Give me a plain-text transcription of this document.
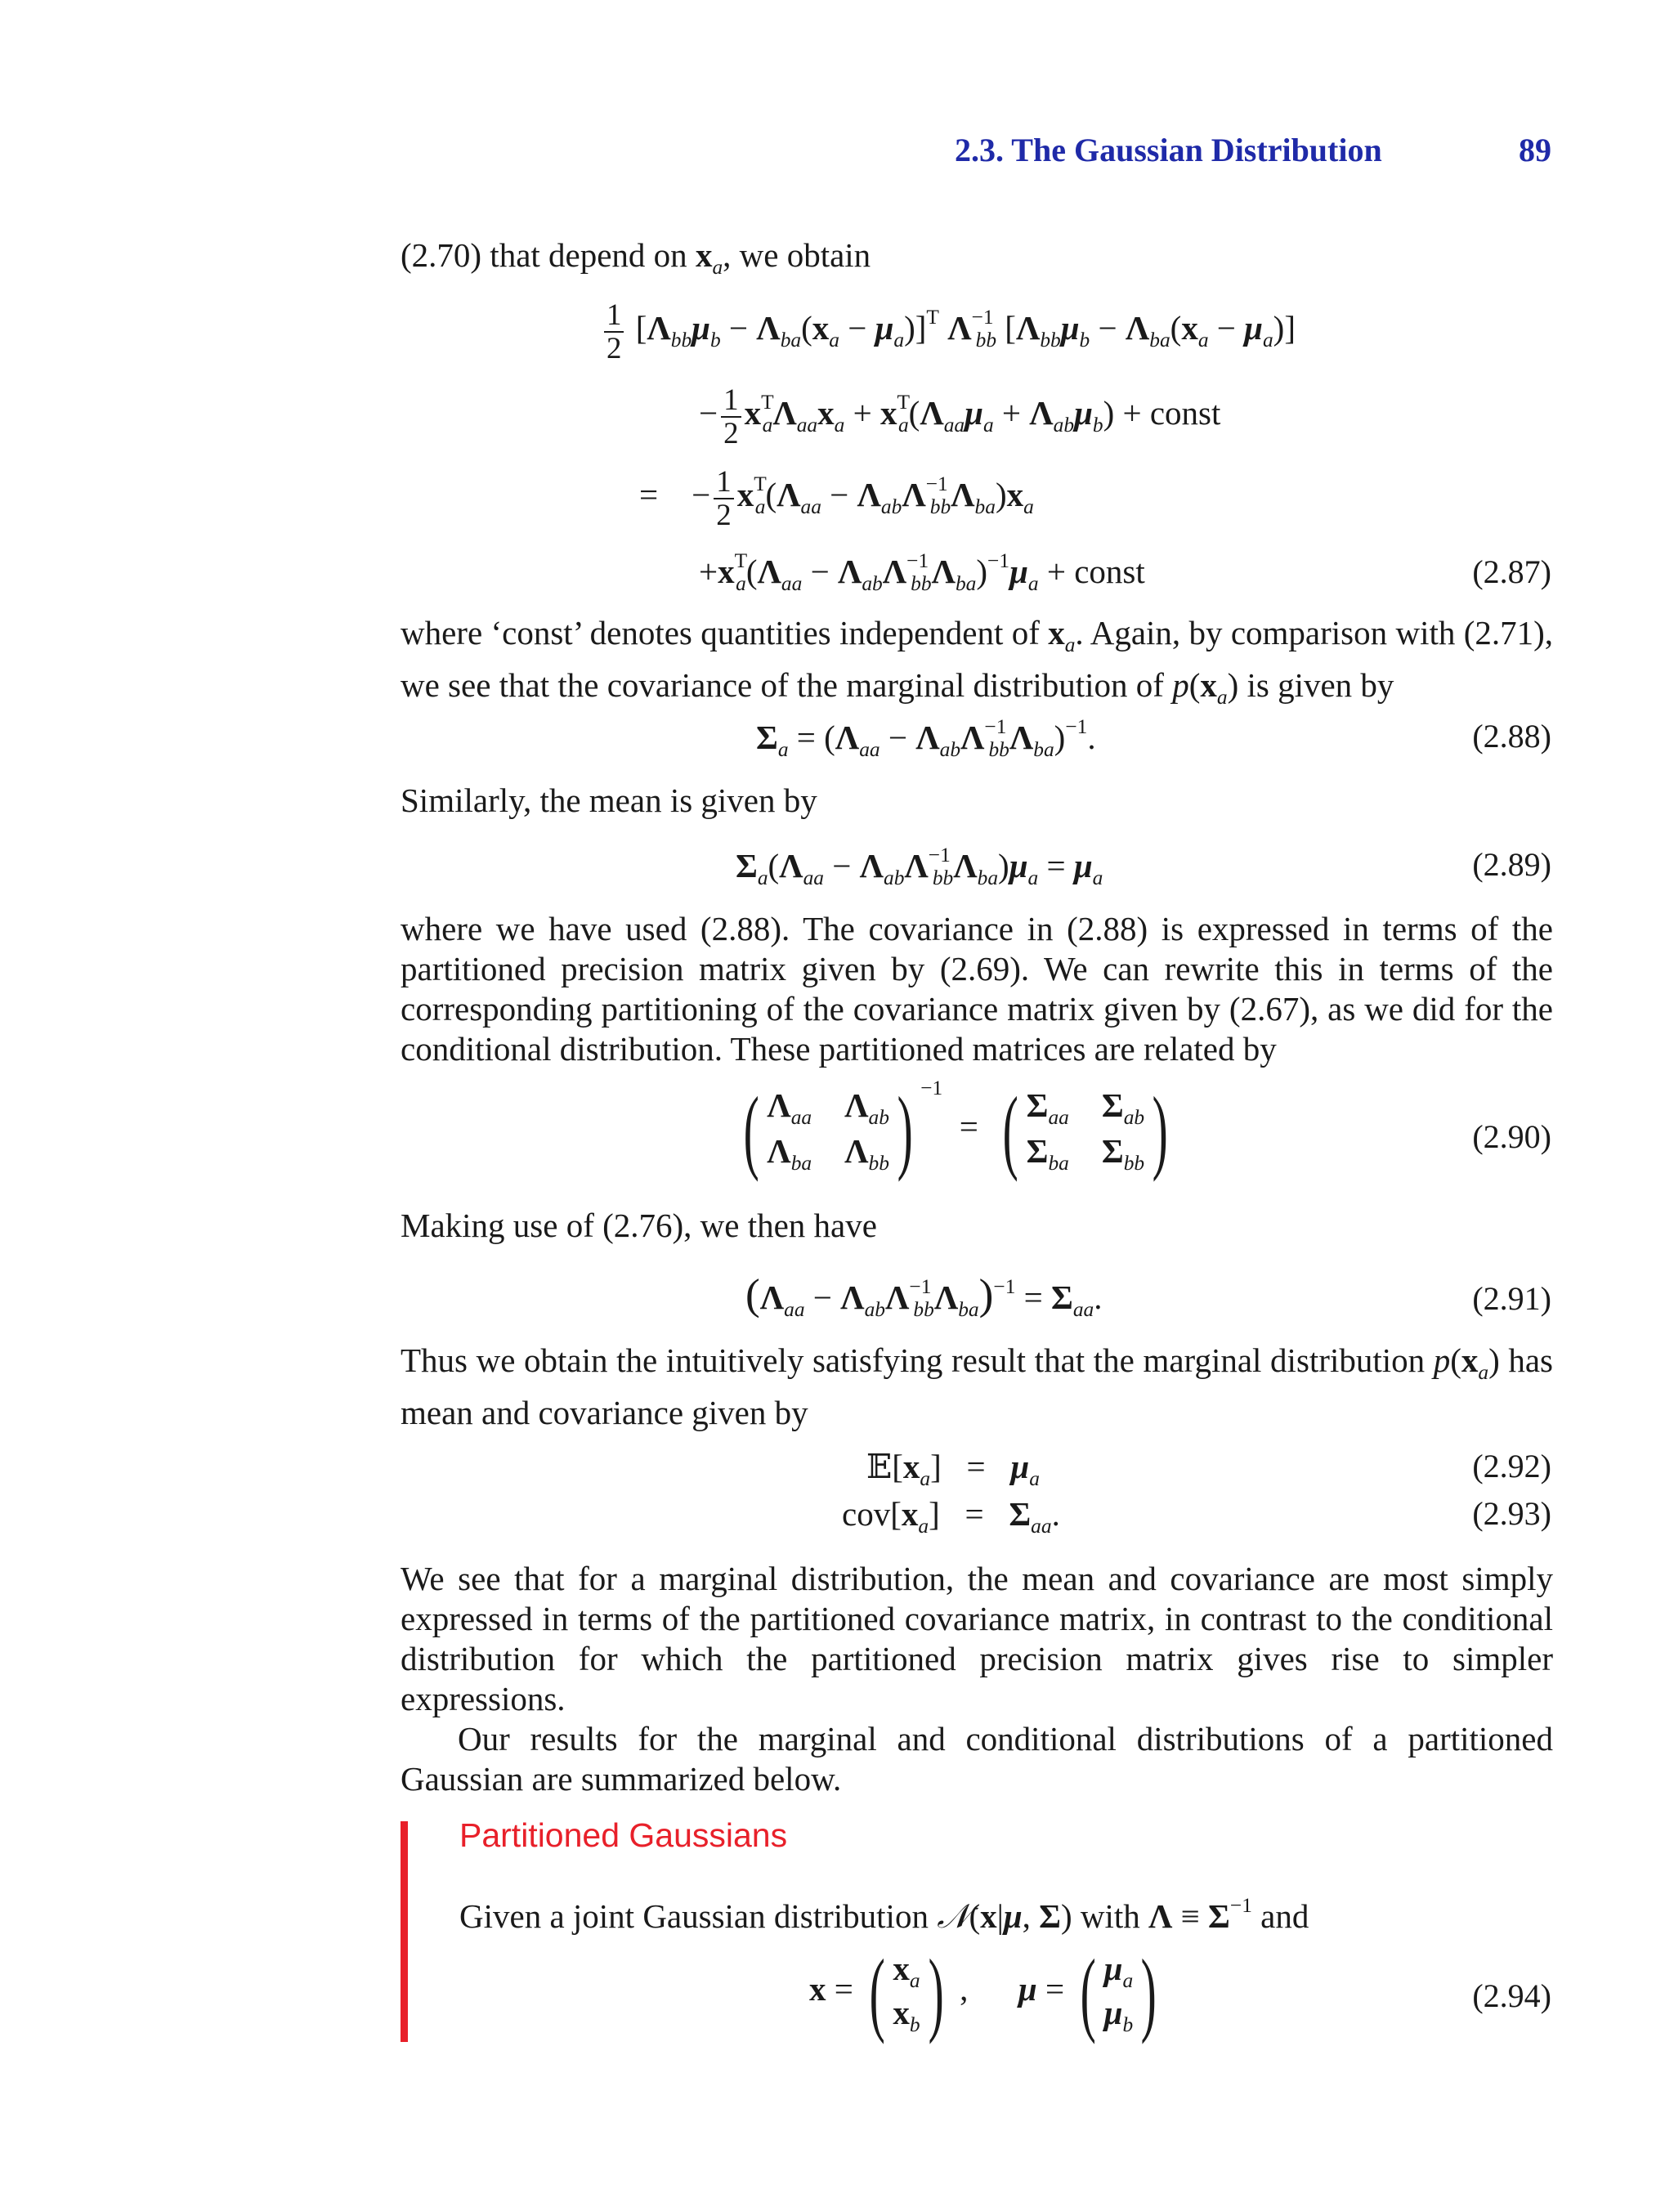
2.3. The Gaussian Distribution	89
(2.70) that depend on $x_a$, we obtain
$\frac{1}{2} [\Lambda_{bb}\mu_b - \Lambda_{ba}(x_a - \mu_a)]^T$ $\Lambda^{-1}_{bb}$ $[\Lambda_{bb}\mu_b - \Lambda_{ba}(x_a - \mu_a)]$
− $\frac{1}{2} x^T_a\Lambda_{aa}x_a + x^T_a(\Lambda_{aa}\mu_a + \Lambda_{ab}\mu_b)$ + const
=    − $\frac{1}{2} x^T_a(\Lambda_{aa} - \Lambda_{ab}\Lambda^{-1}_{bb}\Lambda_{ba})x_a$
$+x^T_a(\Lambda_{aa} - \Lambda_{ab}\Lambda^{-1}_{bb}\Lambda_{ba})^{-1}\mu_a$ + const	(2.87)
where ‘const’ denotes quantities independent of $x_a$. Again, by comparison with (2.71), we see that the covariance of the marginal distribution of $p(x_a)$ is given by
$\Sigma_a = (\Lambda_{aa} - \Lambda_{ab}\Lambda^{-1}_{bb}\Lambda_{ba})^{-1}$.	(2.88)
Similarly, the mean is given by
$\Sigma_a(\Lambda_{aa} - \Lambda_{ab}\Lambda^{-1}_{bb}\Lambda_{ba})\mu_a = \mu_a$	(2.89)
where we have used (2.88). The covariance in (2.88) is expressed in terms of the partitioned precision matrix given by (2.69). We can rewrite this in terms of the corresponding partitioning of the covariance matrix given by (2.67), as we did for the conditional distribution. These partitioned matrices are related by
( $\Lambda_{aa}$ $\Lambda_{ab}$
$\Lambda_{ba}$ $\Lambda_{bb}$ ) −1  =  ( $\Sigma_{aa}$ $\Sigma_{ab}$
$\Sigma_{ba}$ $\Sigma_{bb}$ )	(2.90)
Making use of (2.76), we then have
$(\Lambda_{aa} - \Lambda_{ab}\Lambda^{-1}_{bb}\Lambda_{ba})^{-1} = \Sigma_{aa}$.	(2.91)
Thus we obtain the intuitively satisfying result that the marginal distribution $p(x_a)$ has mean and covariance given by
$𝔼[x_a] = \mu_a$	(2.92)
$cov[x_a] = \Sigma_{aa}$.	(2.93)
We see that for a marginal distribution, the mean and covariance are most simply expressed in terms of the partitioned covariance matrix, in contrast to the conditional distribution for which the partitioned precision matrix gives rise to simpler expressions.
Our results for the marginal and conditional distributions of a partitioned Gaussian are summarized below.
Partitioned Gaussians
Given a joint Gaussian distribution 𝒩(x|μ, Σ) with $\Lambda \equiv \Sigma^{-1}$ and
x = ( $x_a$
$x_b$ ) ,      μ = ( $\mu_a$
$\mu_b$ )	(2.94)
